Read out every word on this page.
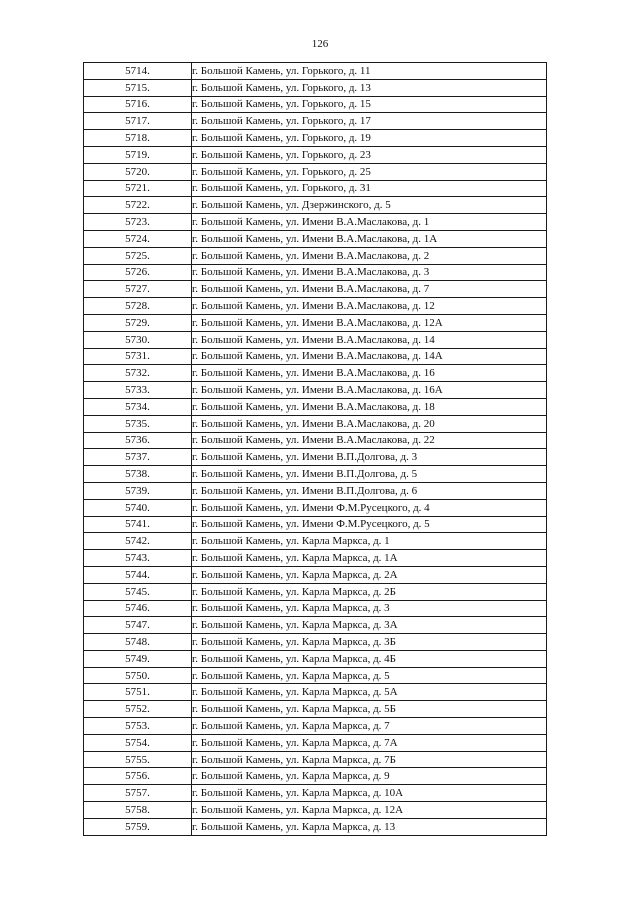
126
5714.	г. Большой Камень, ул. Горького, д. 11
5715.	г. Большой Камень, ул. Горького, д. 13
5716.	г. Большой Камень, ул. Горького, д. 15
5717.	г. Большой Камень, ул. Горького, д. 17
5718.	г. Большой Камень, ул. Горького, д. 19
5719.	г. Большой Камень, ул. Горького, д. 23
5720.	г. Большой Камень, ул. Горького, д. 25
5721.	г. Большой Камень, ул. Горького, д. 31
5722.	г. Большой Камень, ул. Дзержинского, д. 5
5723.	г. Большой Камень, ул. Имени В.А.Маслакова, д. 1
5724.	г. Большой Камень, ул. Имени В.А.Маслакова, д. 1А
5725.	г. Большой Камень, ул. Имени В.А.Маслакова, д. 2
5726.	г. Большой Камень, ул. Имени В.А.Маслакова, д. 3
5727.	г. Большой Камень, ул. Имени В.А.Маслакова, д. 7
5728.	г. Большой Камень, ул. Имени В.А.Маслакова, д. 12
5729.	г. Большой Камень, ул. Имени В.А.Маслакова, д. 12А
5730.	г. Большой Камень, ул. Имени В.А.Маслакова, д. 14
5731.	г. Большой Камень, ул. Имени В.А.Маслакова, д. 14А
5732.	г. Большой Камень, ул. Имени В.А.Маслакова, д. 16
5733.	г. Большой Камень, ул. Имени В.А.Маслакова, д. 16А
5734.	г. Большой Камень, ул. Имени В.А.Маслакова, д. 18
5735.	г. Большой Камень, ул. Имени В.А.Маслакова, д. 20
5736.	г. Большой Камень, ул. Имени В.А.Маслакова, д. 22
5737.	г. Большой Камень, ул. Имени В.П.Долгова, д. 3
5738.	г. Большой Камень, ул. Имени В.П.Долгова, д. 5
5739.	г. Большой Камень, ул. Имени В.П.Долгова, д. 6
5740.	г. Большой Камень, ул. Имени Ф.М.Русецкого, д. 4
5741.	г. Большой Камень, ул. Имени Ф.М.Русецкого, д. 5
5742.	г. Большой Камень, ул. Карла Маркса, д. 1
5743.	г. Большой Камень, ул. Карла Маркса, д. 1А
5744.	г. Большой Камень, ул. Карла Маркса, д. 2А
5745.	г. Большой Камень, ул. Карла Маркса, д. 2Б
5746.	г. Большой Камень, ул. Карла Маркса, д. 3
5747.	г. Большой Камень, ул. Карла Маркса, д. 3А
5748.	г. Большой Камень, ул. Карла Маркса, д. 3Б
5749.	г. Большой Камень, ул. Карла Маркса, д. 4Б
5750.	г. Большой Камень, ул. Карла Маркса, д. 5
5751.	г. Большой Камень, ул. Карла Маркса, д. 5А
5752.	г. Большой Камень, ул. Карла Маркса, д. 5Б
5753.	г. Большой Камень, ул. Карла Маркса, д. 7
5754.	г. Большой Камень, ул. Карла Маркса, д. 7А
5755.	г. Большой Камень, ул. Карла Маркса, д. 7Б
5756.	г. Большой Камень, ул. Карла Маркса, д. 9
5757.	г. Большой Камень, ул. Карла Маркса, д. 10А
5758.	г. Большой Камень, ул. Карла Маркса, д. 12А
5759.	г. Большой Камень, ул. Карла Маркса, д. 13
